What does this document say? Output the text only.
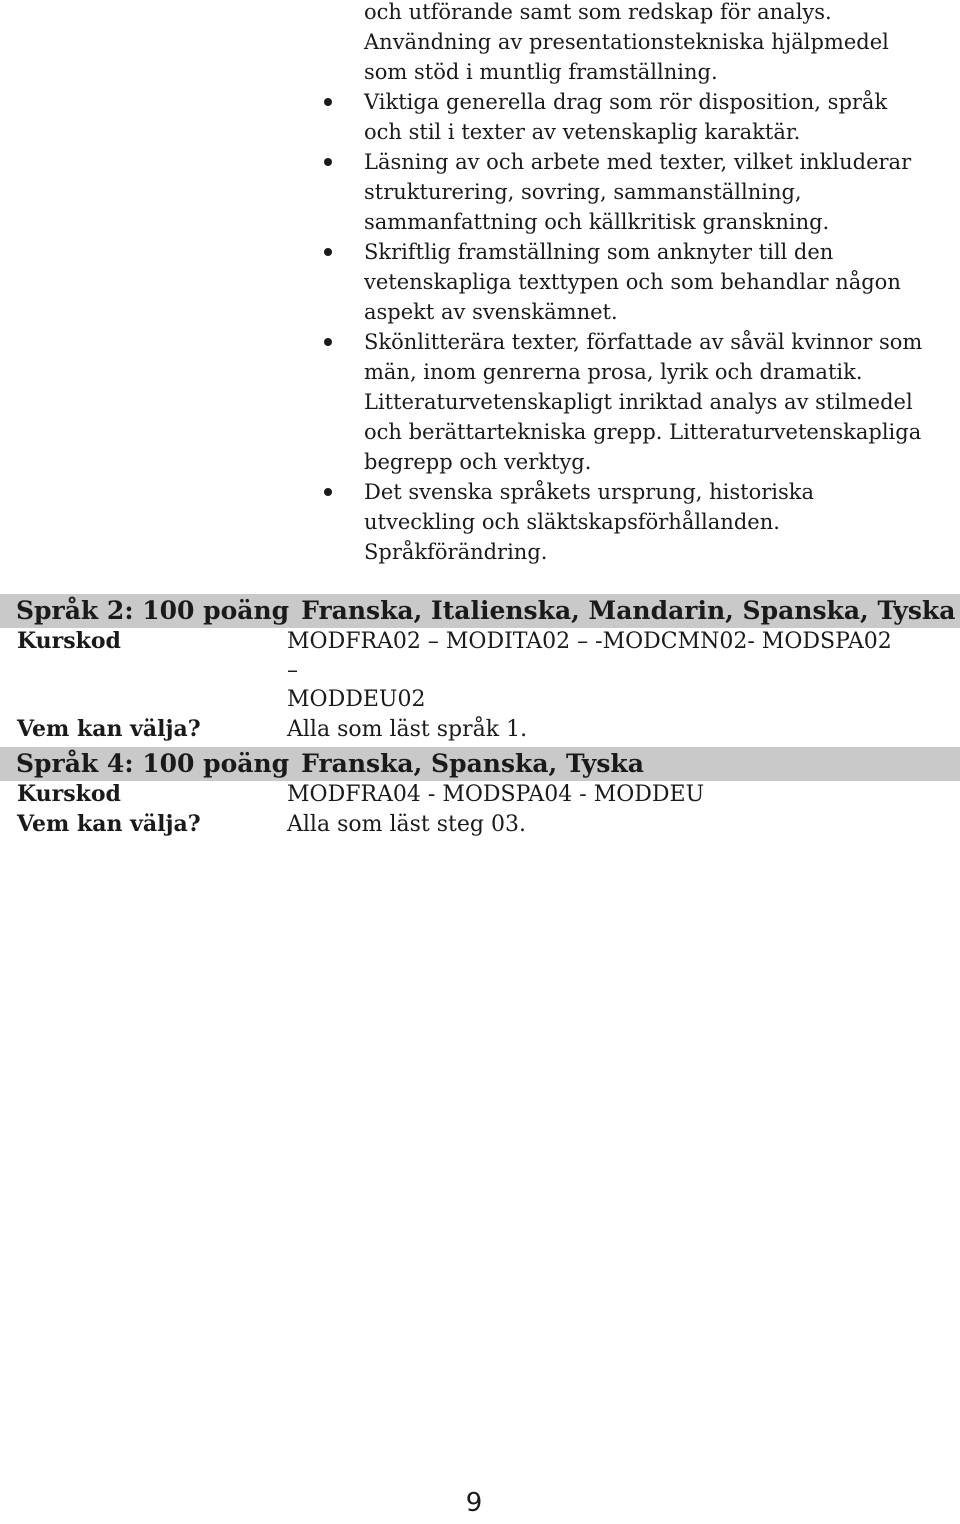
och utförande samt som redskap för analys.
Användning av presentationstekniska hjälpmedel
som stöd i muntlig framställning.
Viktiga generella drag som rör disposition, språk
och stil i texter av vetenskaplig karaktär.
Läsning av och arbete med texter, vilket inkluderar
strukturering, sovring, sammanställning,
sammanfattning och källkritisk granskning.
Skriftlig framställning som anknyter till den
vetenskapliga texttypen och som behandlar någon
aspekt av svenskämnet.
Skönlitterära texter, författade av såväl kvinnor som
män, inom genrerna prosa, lyrik och dramatik.
Litteraturvetenskapligt inriktad analys av stilmedel
och berättartekniska grepp. Litteraturvetenskapliga
begrepp och verktyg.
Det svenska språkets ursprung, historiska
utveckling och släktskapsförhållanden.
Språkförändring.
Språk 2: 100 poäng Franska, Italienska, Mandarin, Spanska, Tyska
Kurskod	MODFRA02 – MODITA02 – -MODCMN02- MODSPA02 –
MODDEU02
Vem kan välja?	Alla som läst språk 1.
Språk 4: 100 poäng Franska, Spanska, Tyska
Kurskod	MODFRA04 - MODSPA04 - MODDEU
Vem kan välja?	Alla som läst steg 03.
9
